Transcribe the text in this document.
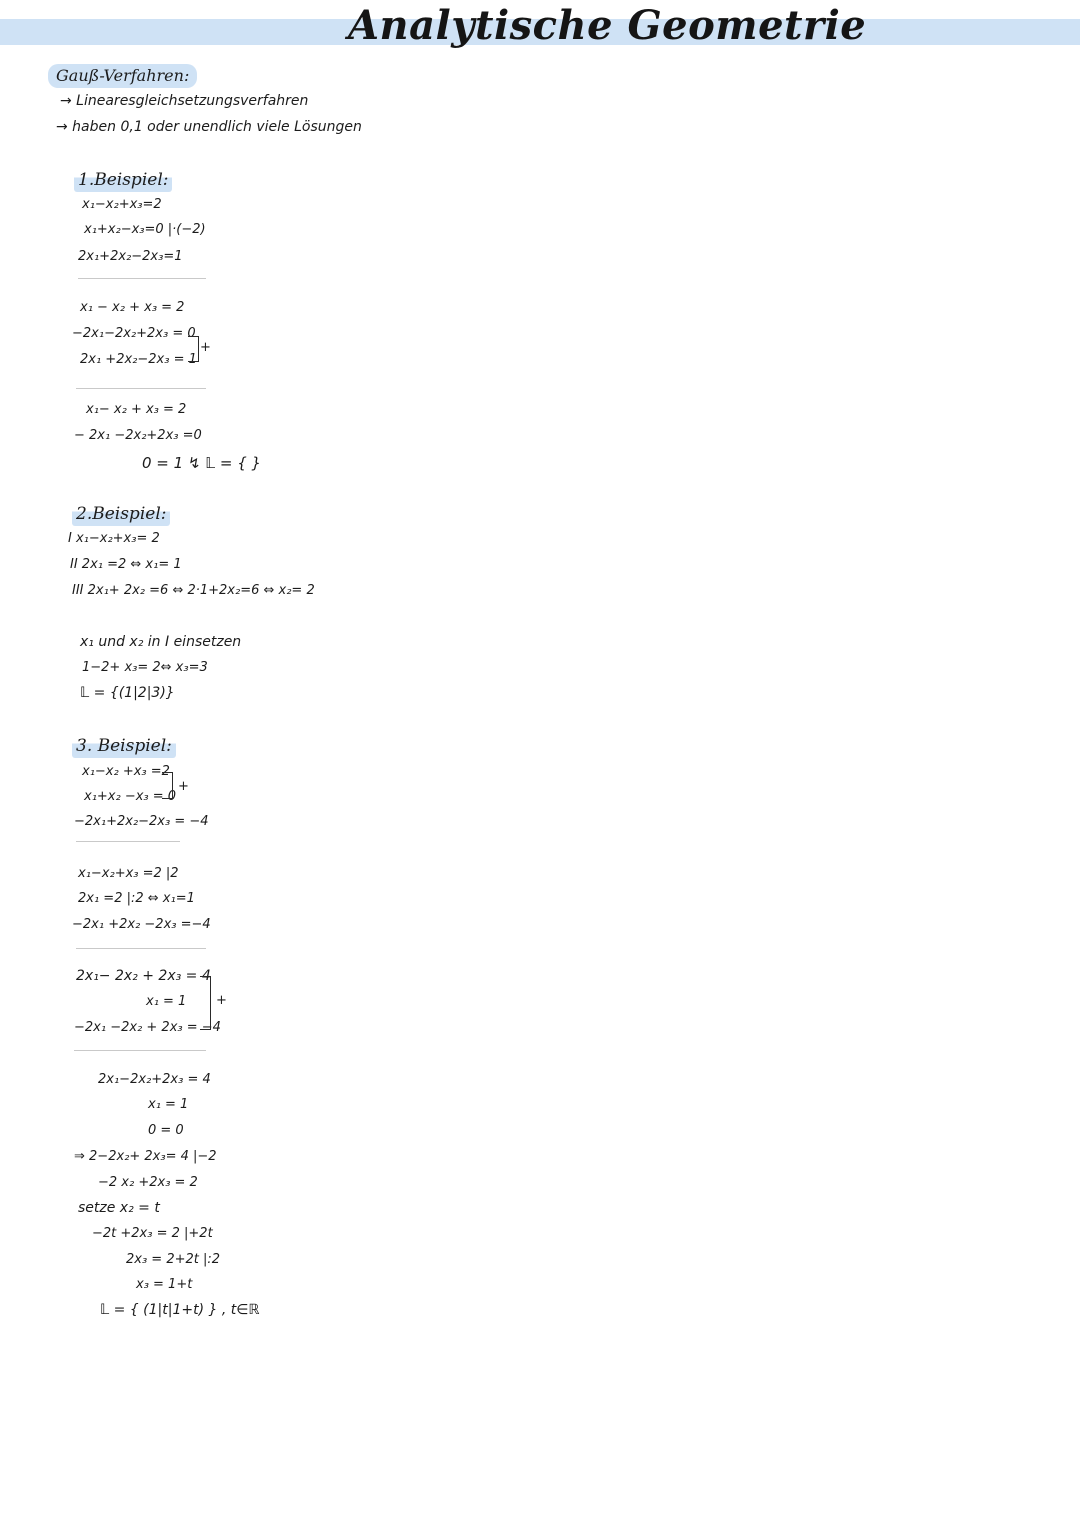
Analytische Geometrie
Gauß-Verfahren:
→ Linearesgleichsetzungsverfahren
→ haben 0,1 oder unendlich viele Lösungen
1.Beispiel:
x₁−x₂+x₃=2
x₁+x₂−x₃=0 |·(−2)
2x₁+2x₂−2x₃=1
x₁ − x₂ + x₃ = 2
−2x₁−2x₂+2x₃ = 0
2x₁ +2x₂−2x₃ = 1
+
x₁− x₂ + x₃ = 2
− 2x₁ −2x₂+2x₃ =0
0 = 1 ↯ 𝕃 = { }
2.Beispiel:
I x₁−x₂+x₃= 2
II 2x₁ =2 ⇔ x₁= 1
III 2x₁+ 2x₂ =6 ⇔ 2·1+2x₂=6 ⇔ x₂= 2
x₁ und x₂ in I einsetzen
1−2+ x₃= 2⇔ x₃=3
𝕃 = {(1|2|3)}
3. Beispiel:
x₁−x₂ +x₃ =2
x₁+x₂ −x₃ = 0
−2x₁+2x₂−2x₃ = −4
+
x₁−x₂+x₃ =2 |2
2x₁ =2 |:2 ⇔ x₁=1
−2x₁ +2x₂ −2x₃ =−4
2x₁− 2x₂ + 2x₃ = 4
x₁ = 1
−2x₁ −2x₂ + 2x₃ = −4
+
2x₁−2x₂+2x₃ = 4
x₁ = 1
0 = 0
⇒ 2−2x₂+ 2x₃= 4 |−2
−2 x₂ +2x₃ = 2
setze x₂ = t
−2t +2x₃ = 2 |+2t
2x₃ = 2+2t |:2
x₃ = 1+t
𝕃 = { (1|t|1+t) } , t∈ℝ
